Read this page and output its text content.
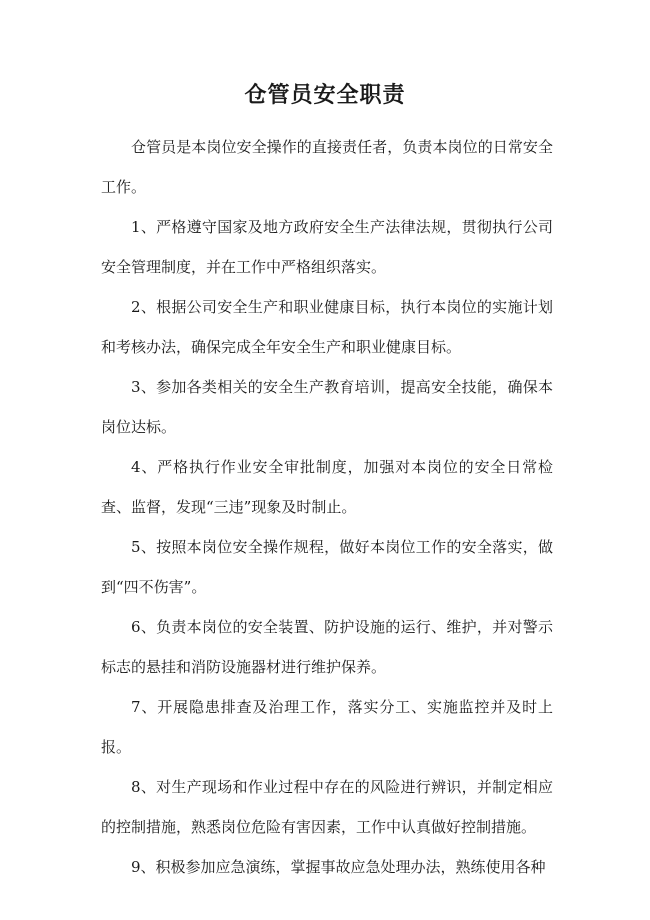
仓管员安全职责

仓管员是本岗位安全操作的直接责任者，负责本岗位的日常安全工作。

1、严格遵守国家及地方政府安全生产法律法规，贯彻执行公司安全管理制度，并在工作中严格组织落实。

2、根据公司安全生产和职业健康目标，执行本岗位的实施计划和考核办法，确保完成全年安全生产和职业健康目标。

3、参加各类相关的安全生产教育培训，提高安全技能，确保本岗位达标。

4、严格执行作业安全审批制度，加强对本岗位的安全日常检查、监督，发现“三违”现象及时制止。

5、按照本岗位安全操作规程，做好本岗位工作的安全落实，做到“四不伤害”。

6、负责本岗位的安全装置、防护设施的运行、维护，并对警示标志的悬挂和消防设施器材进行维护保养。

7、开展隐患排查及治理工作，落实分工、实施监控并及时上报。

8、对生产现场和作业过程中存在的风险进行辨识，并制定相应的控制措施，熟悉岗位危险有害因素，工作中认真做好控制措施。

9、积极参加应急演练，掌握事故应急处理办法，熟练使用各种
